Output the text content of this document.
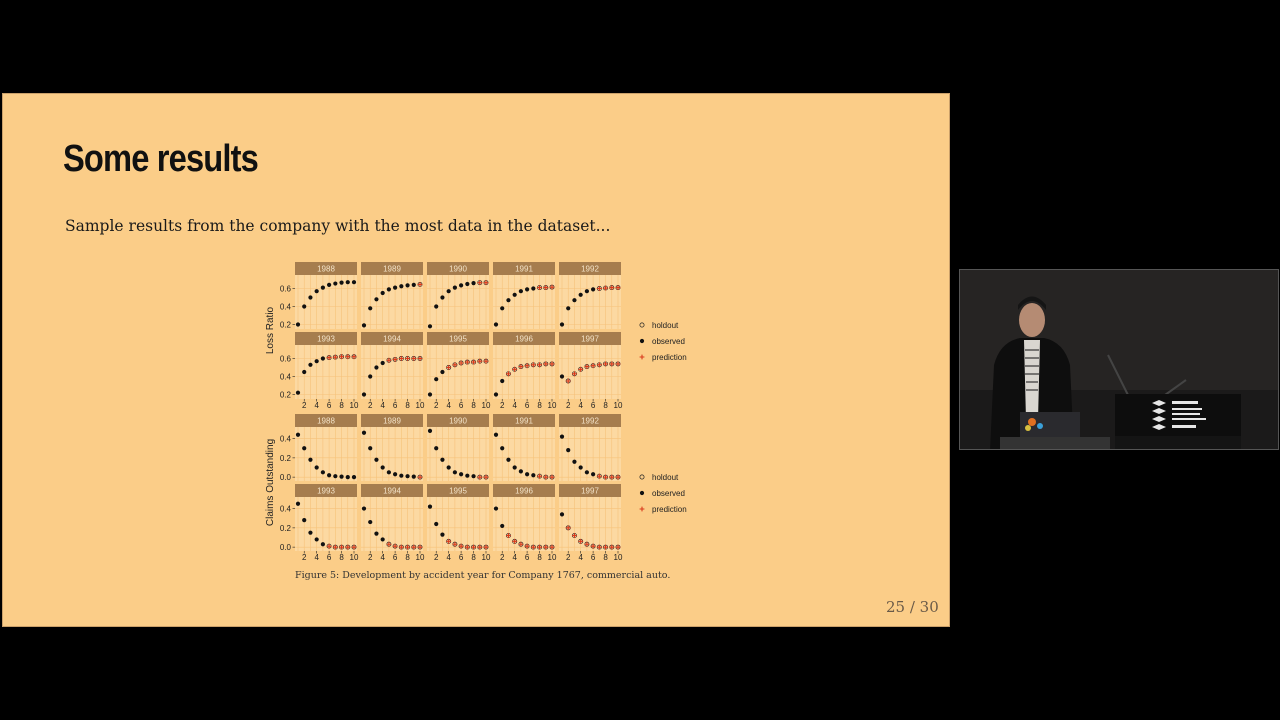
Some results
Sample results from the company with the most data in the dataset...
1988
0.2
0.4
0.6
1989	1990	1991	1992
1993
0.2
0.4
0.6
2 4 6 8 10
1994
2 4 6 8 10
1995
2 4 6 8 10
1996
2 4 6 8 10
1997
2 4 6 8 10
Loss Ratio	holdout
observed
prediction
1988
0.0
0.2
0.4
1989	1990	1991	1992
1993
0.0
0.2
0.4
2 4 6 8 10
1994
2 4 6 8 10
1995
2 4 6 8 10
1996
2 4 6 8 10
1997
2 4 6 8 10
Claims Outstanding	holdout
observed
prediction
Figure 5: Development by accident year for Company 1767, commercial auto.
25 / 30
